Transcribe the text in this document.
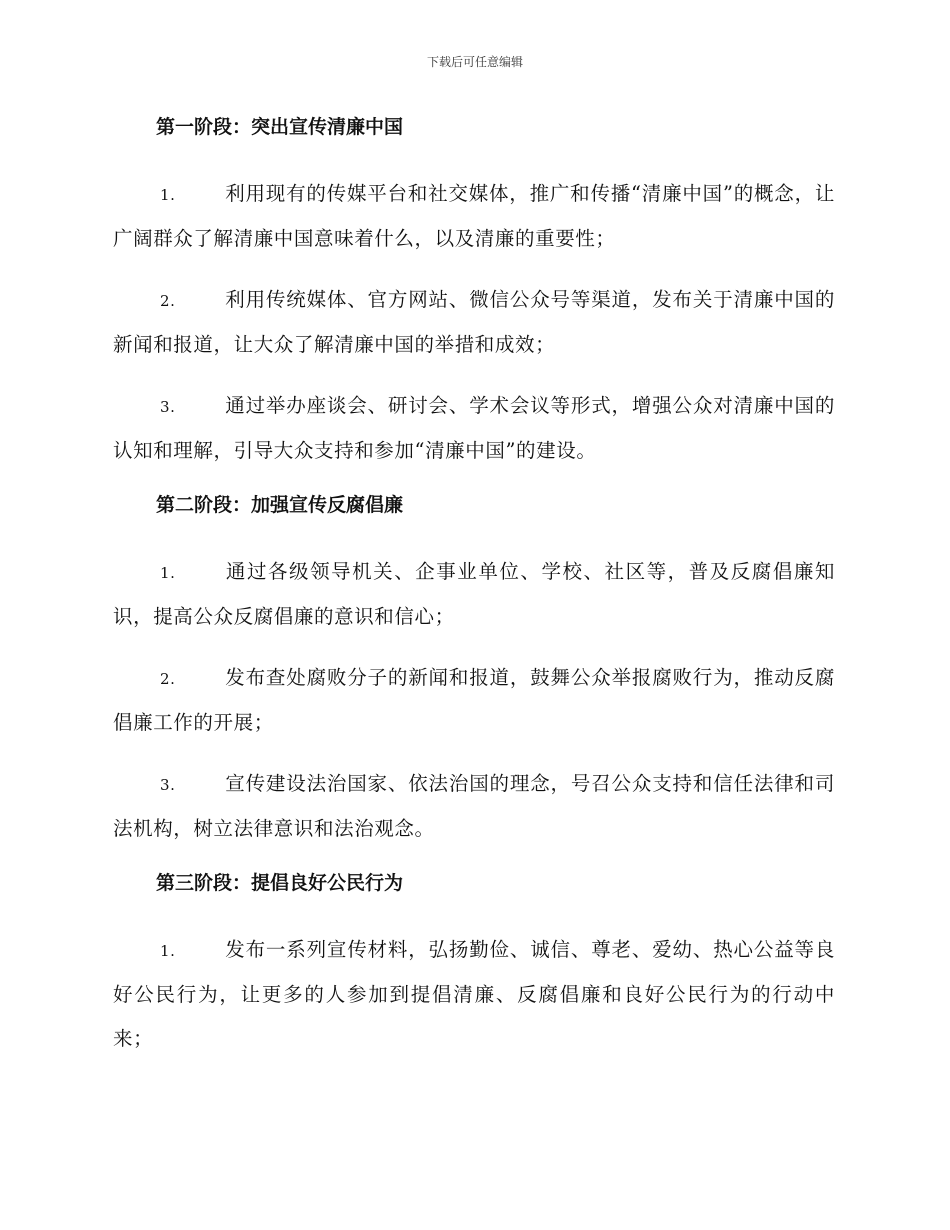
下载后可任意编辑
第一阶段：突出宣传清廉中国

1.	利用现有的传媒平台和社交媒体，推广和传播“清廉中国”的概念，让广阔群众了解清廉中国意味着什么，以及清廉的重要性；

2.	利用传统媒体、官方网站、微信公众号等渠道，发布关于清廉中国的新闻和报道，让大众了解清廉中国的举措和成效；

3.	通过举办座谈会、研讨会、学术会议等形式，增强公众对清廉中国的认知和理解，引导大众支持和参加“清廉中国”的建设。

第二阶段：加强宣传反腐倡廉

1.	通过各级领导机关、企事业单位、学校、社区等，普及反腐倡廉知识，提高公众反腐倡廉的意识和信心；

2.	发布查处腐败分子的新闻和报道，鼓舞公众举报腐败行为，推动反腐倡廉工作的开展；

3.	宣传建设法治国家、依法治国的理念，号召公众支持和信任法律和司法机构，树立法律意识和法治观念。

第三阶段：提倡良好公民行为

1.	发布一系列宣传材料，弘扬勤俭、诚信、尊老、爱幼、热心公益等良好公民行为，让更多的人参加到提倡清廉、反腐倡廉和良好公民行为的行动中来；
